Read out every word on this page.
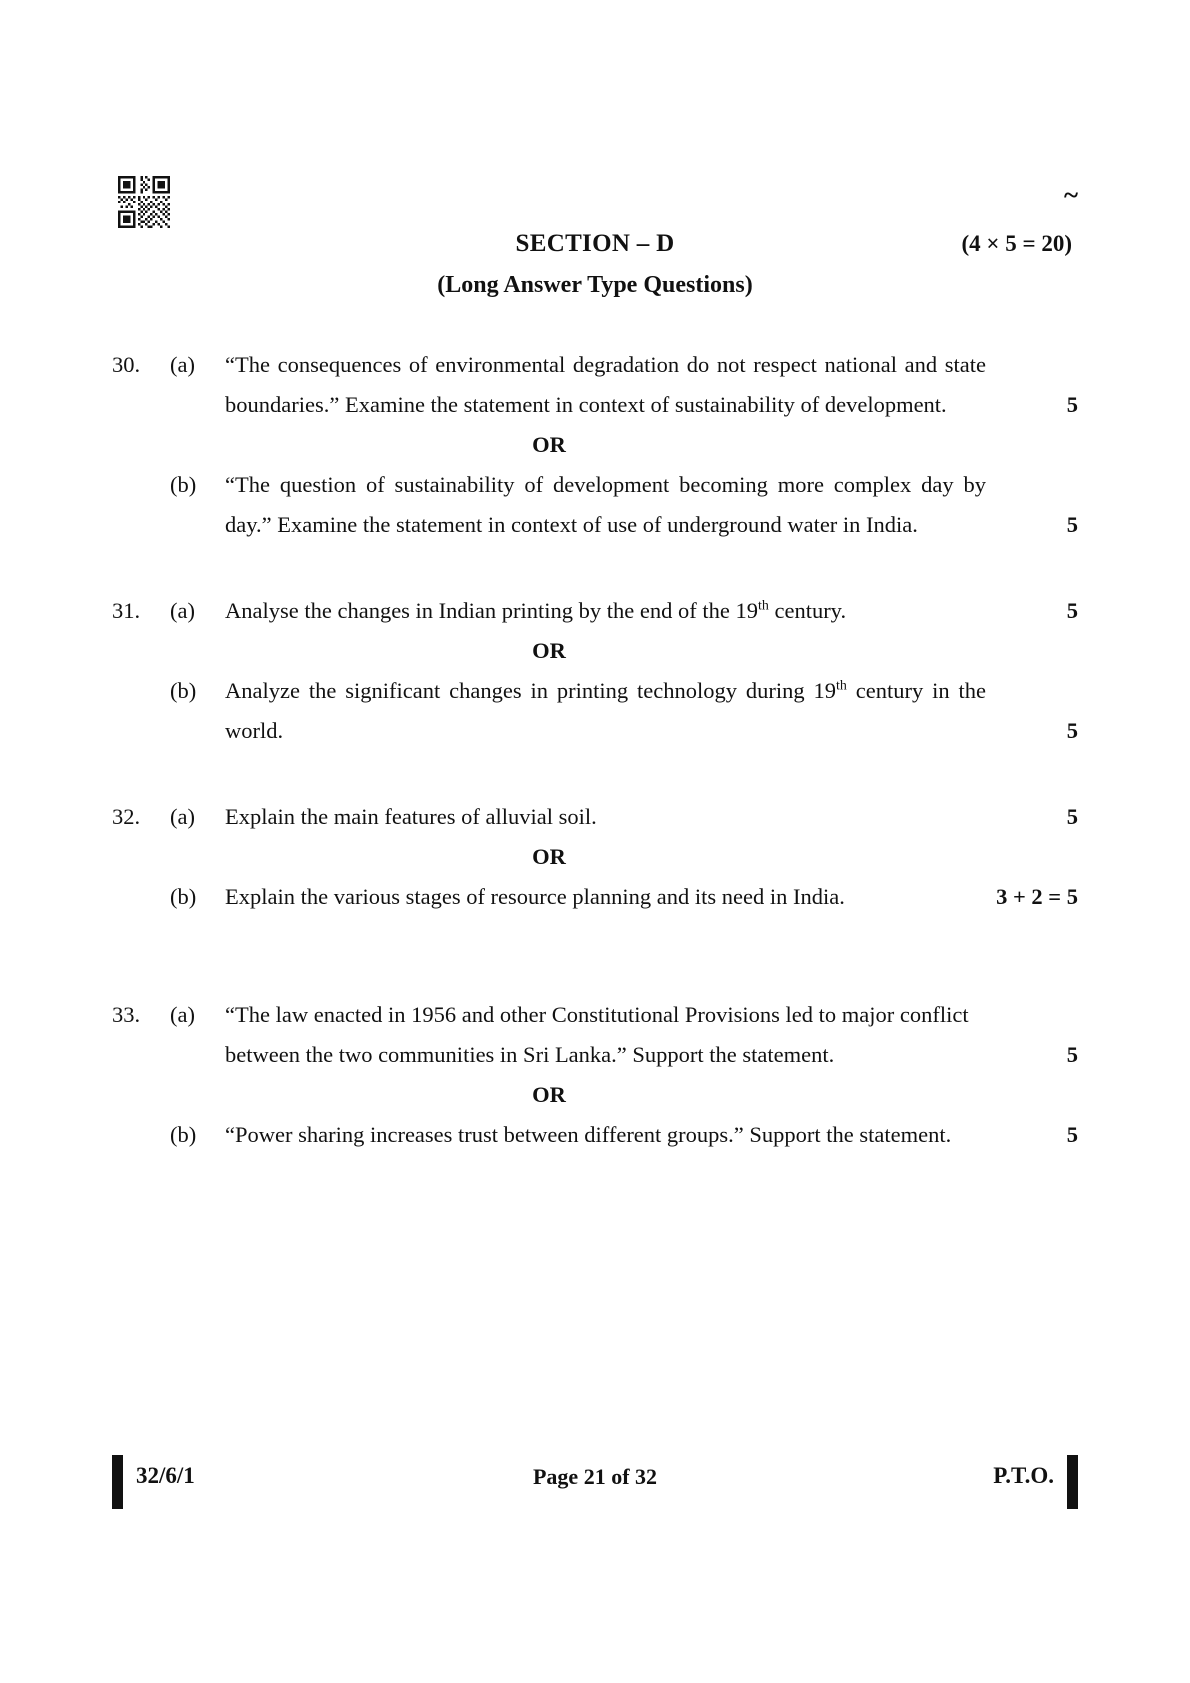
~
SECTION – D	(4 × 5 = 20)
(Long Answer Type Questions)
30.	(a)	“The consequences of environmental degradation do not respect national and state boundaries.” Examine the statement in context of sustainability of development.	5
OR
(b)	“The question of sustainability of development becoming more complex day by day.” Examine the statement in context of use of underground water in India.	5
31.	(a)	Analyse the changes in Indian printing by the end of the 19th century.	5
OR
(b)	Analyze the significant changes in printing technology during 19th century in the world.	5
32.	(a)	Explain the main features of alluvial soil.	5
OR
(b)	Explain the various stages of resource planning and its need in India.	3 + 2 = 5
33.	(a)	“The law enacted in 1956 and other Constitutional Provisions led to major conflict between the two communities in Sri Lanka.” Support the statement.	5
OR
(b)	“Power sharing increases trust between different groups.” Support the statement.	5
32/6/1	Page 21 of 32	P.T.O.
